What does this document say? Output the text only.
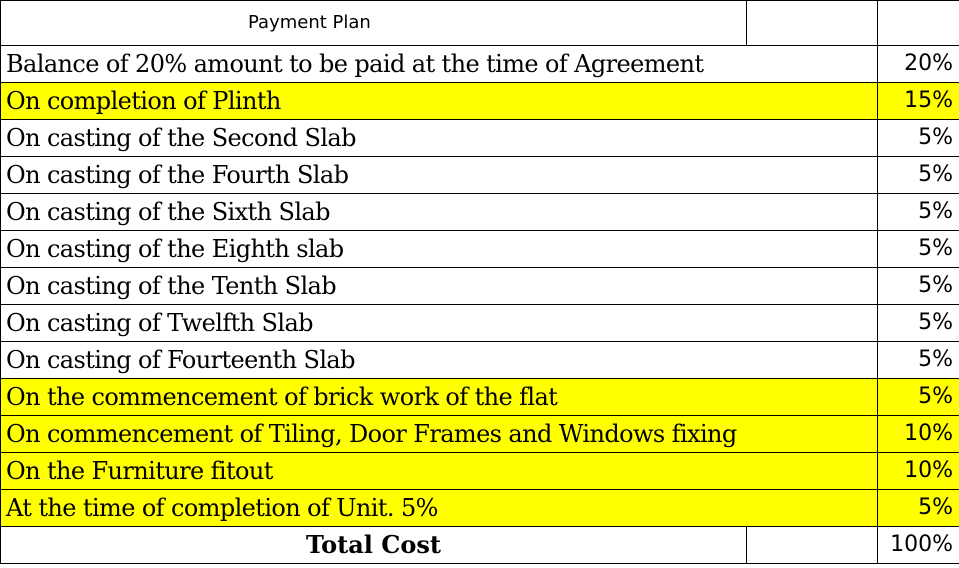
Payment Plan		
Balance of 20% amount to be paid at the time of Agreement		20%
On completion of Plinth		15%
On casting of the Second Slab		5%
On casting of the Fourth Slab		5%
On casting of the Sixth Slab		5%
On casting of the Eighth slab		5%
On casting of the Tenth Slab		5%
On casting of Twelfth Slab		5%
On casting of Fourteenth Slab		5%
On the commencement of brick work of the flat		5%
On commencement of Tiling, Door Frames and Windows fixing		10%
On the Furniture fitout		10%
At the time of completion of Unit. 5%		5%
Total Cost		100%
